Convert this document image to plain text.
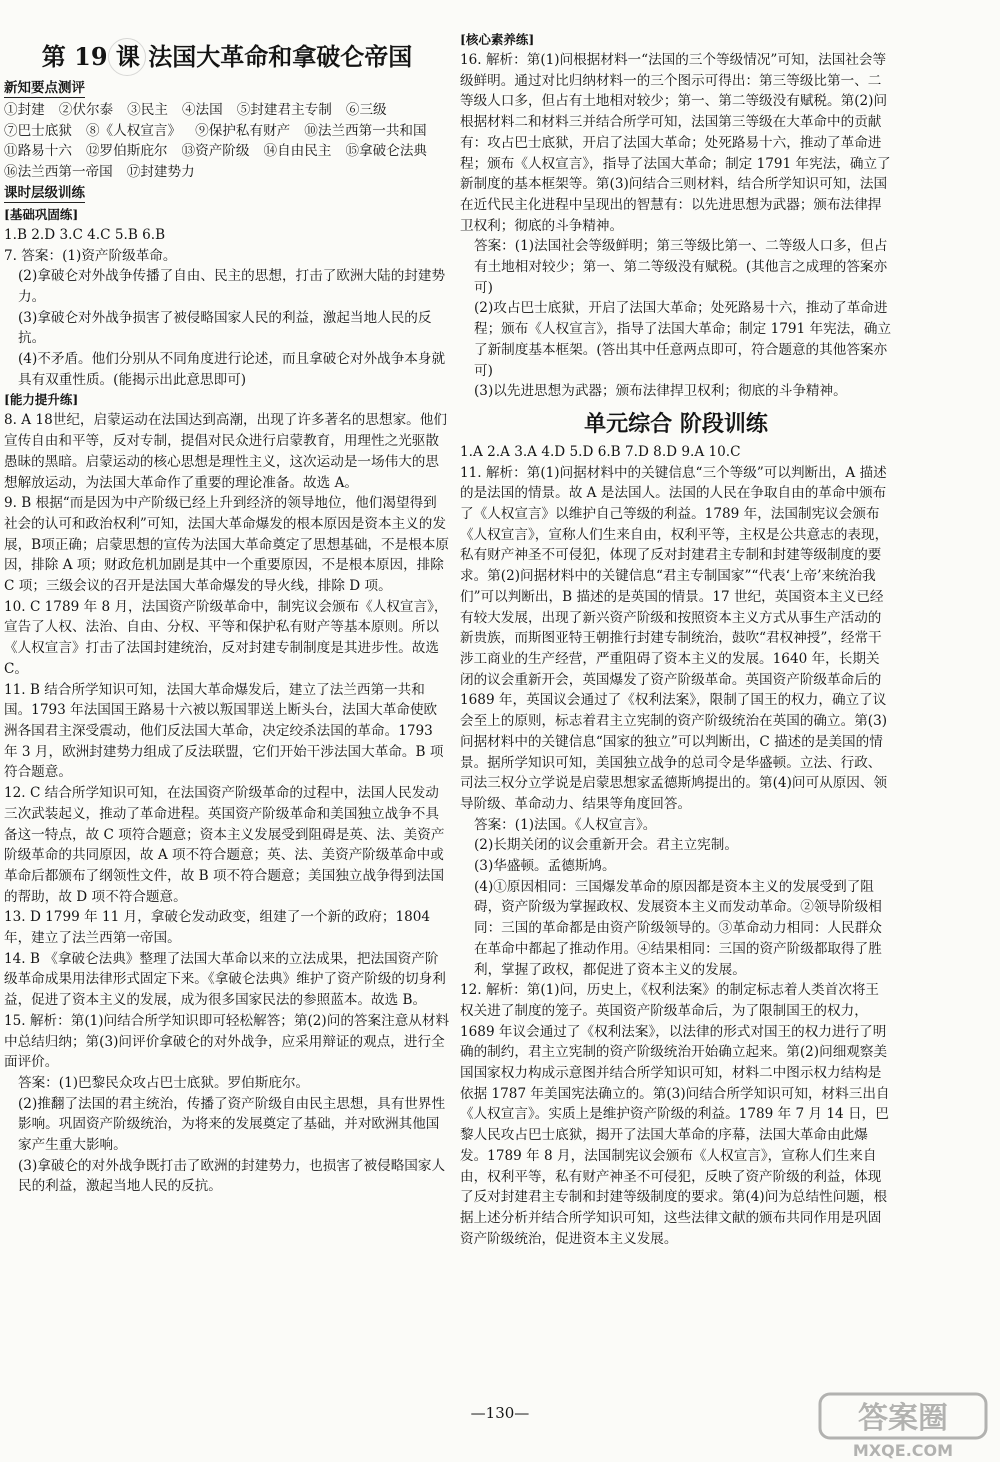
第 19 课 法国大革命和拿破仑帝国
新知要点测评
①封建 ②伏尔泰 ③民主 ④法国 ⑤封建君主专制 ⑥三级
⑦巴士底狱 ⑧《人权宣言》 ⑨保护私有财产 ⑩法兰西第一共和国
⑪路易十六 ⑫罗伯斯庇尔 ⑬资产阶级 ⑭自由民主 ⑮拿破仑法典
⑯法兰西第一帝国 ⑰封建势力
课时层级训练
[基础巩固练]

1.B 2.D 3.C 4.C 5.B 6.B

7. 答案：(1)资产阶级革命。

(2)拿破仑对外战争传播了自由、民主的思想，打击了欧洲大陆的封建势力。

(3)拿破仑对外战争损害了被侵略国家人民的利益，激起当地人民的反抗。

(4)不矛盾。他们分别从不同角度进行论述，而且拿破仑对外战争本身就具有双重性质。(能揭示出此意思即可)

[能力提升练]

8. A 18世纪，启蒙运动在法国达到高潮，出现了许多著名的思想家。他们宣传自由和平等，反对专制，提倡对民众进行启蒙教育，用理性之光驱散愚昧的黑暗。启蒙运动的核心思想是理性主义，这次运动是一场伟大的思想解放运动，为法国大革命作了重要的理论准备。故选 A。

9. B 根据“而是因为中产阶级已经上升到经济的领导地位，他们渴望得到社会的认可和政治权利”可知，法国大革命爆发的根本原因是资本主义的发展，B项正确；启蒙思想的宣传为法国大革命奠定了思想基础，不是根本原因，排除 A 项；财政危机加剧是其中一个重要原因，不是根本原因，排除 C 项；三级会议的召开是法国大革命爆发的导火线，排除 D 项。

10. C 1789 年 8 月，法国资产阶级革命中，制宪议会颁布《人权宣言》，宣告了人权、法治、自由、分权、平等和保护私有财产等基本原则。所以《人权宣言》打击了法国封建统治，反对封建专制制度是其进步性。故选 C。

11. B 结合所学知识可知，法国大革命爆发后，建立了法兰西第一共和国。1793 年法国国王路易十六被以叛国罪送上断头台，法国大革命使欧洲各国君主深受震动，他们反法国大革命，决定绞杀法国的革命。1793 年 3 月，欧洲封建势力组成了反法联盟，它们开始干涉法国大革命。B 项符合题意。

12. C 结合所学知识可知，在法国资产阶级革命的过程中，法国人民发动三次武装起义，推动了革命进程。英国资产阶级革命和美国独立战争不具备这一特点，故 C 项符合题意；资本主义发展受到阻碍是英、法、美资产阶级革命的共同原因，故 A 项不符合题意；英、法、美资产阶级革命中或革命后都颁布了纲领性文件，故 B 项不符合题意；美国独立战争得到法国的帮助，故 D 项不符合题意。

13. D 1799 年 11 月，拿破仑发动政变，组建了一个新的政府；1804 年，建立了法兰西第一帝国。

14. B 《拿破仑法典》整理了法国大革命以来的立法成果，把法国资产阶级革命成果用法律形式固定下来。《拿破仑法典》维护了资产阶级的切身利益，促进了资本主义的发展，成为很多国家民法的参照蓝本。故选 B。

15. 解析：第(1)问结合所学知识即可轻松解答；第(2)问的答案注意从材料中总结归纳；第(3)问评价拿破仑的对外战争，应采用辩证的观点，进行全面评价。

答案：(1)巴黎民众攻占巴士底狱。罗伯斯庇尔。

(2)推翻了法国的君主统治，传播了资产阶级自由民主思想，具有世界性影响。巩固资产阶级统治，为将来的发展奠定了基础，并对欧洲其他国家产生重大影响。

(3)拿破仑的对外战争既打击了欧洲的封建势力，也损害了被侵略国家人民的利益，激起当地人民的反抗。

[核心素养练]

16. 解析：第(1)问根据材料一“法国的三个等级情况”可知，法国社会等级鲜明。通过对比归纳材料一的三个图示可得出：第三等级比第一、二等级人口多，但占有土地相对较少；第一、第二等级没有赋税。第(2)问根据材料二和材料三并结合所学可知，法国第三等级在大革命中的贡献有：攻占巴士底狱，开启了法国大革命；处死路易十六，推动了革命进程；颁布《人权宣言》，指导了法国大革命；制定 1791 年宪法，确立了新制度的基本框架等。第(3)问结合三则材料，结合所学知识可知，法国在近代民主化进程中呈现出的智慧有：以先进思想为武器；颁布法律捍卫权利；彻底的斗争精神。

答案：(1)法国社会等级鲜明；第三等级比第一、二等级人口多，但占有土地相对较少；第一、第二等级没有赋税。(其他言之成理的答案亦可)

(2)攻占巴士底狱，开启了法国大革命；处死路易十六，推动了革命进程；颁布《人权宣言》，指导了法国大革命；制定 1791 年宪法，确立了新制度基本框架。(答出其中任意两点即可，符合题意的其他答案亦可)

(3)以先进思想为武器；颁布法律捍卫权利；彻底的斗争精神。

单元综合 阶段训练

1.A 2.A 3.A 4.D 5.D 6.B 7.D 8.D 9.A 10.C

11. 解析：第(1)问据材料中的关键信息“三个等级”可以判断出，A 描述的是法国的情景。故 A 是法国人。法国的人民在争取自由的革命中颁布了《人权宣言》以维护自己等级的利益。1789 年，法国制宪议会颁布《人权宣言》，宣称人们生来自由，权利平等，主权是公共意志的表现，私有财产神圣不可侵犯，体现了反对封建君主专制和封建等级制度的要求。第(2)问据材料中的关键信息“君主专制国家”“代表‘上帝’来统治我们”可以判断出，B 描述的是英国的情景。17 世纪，英国资本主义已经有较大发展，出现了新兴资产阶级和按照资本主义方式从事生产活动的新贵族，而斯图亚特王朝推行封建专制统治，鼓吹“君权神授”，经常干涉工商业的生产经营，严重阻碍了资本主义的发展。1640 年，长期关闭的议会重新开会，英国爆发了资产阶级革命。英国资产阶级革命后的 1689 年，英国议会通过了《权利法案》，限制了国王的权力，确立了议会至上的原则，标志着君主立宪制的资产阶级统治在英国的确立。第(3)问据材料中的关键信息“国家的独立”可以判断出，C 描述的是美国的情景。据所学知识可知，美国独立战争的总司令是华盛顿。立法、行政、司法三权分立学说是启蒙思想家孟德斯鸠提出的。第(4)问可从原因、领导阶级、革命动力、结果等角度回答。

答案：(1)法国。《人权宣言》。

(2)长期关闭的议会重新开会。君主立宪制。

(3)华盛顿。孟德斯鸠。

(4)①原因相同：三国爆发革命的原因都是资本主义的发展受到了阻碍，资产阶级为掌握政权、发展资本主义而发动革命。②领导阶级相同：三国的革命都是由资产阶级领导的。③革命动力相同：人民群众在革命中都起了推动作用。④结果相同：三国的资产阶级都取得了胜利，掌握了政权，都促进了资本主义的发展。

12. 解析：第(1)问，历史上，《权利法案》的制定标志着人类首次将王权关进了制度的笼子。英国资产阶级革命后，为了限制国王的权力，1689 年议会通过了《权利法案》，以法律的形式对国王的权力进行了明确的制约，君主立宪制的资产阶级统治开始确立起来。第(2)问细观察美国国家权力构成示意图并结合所学知识可知，材料二中图示权力结构是依据 1787 年美国宪法确立的。第(3)问结合所学知识可知，材料三出自《人权宣言》。实质上是维护资产阶级的利益。1789 年 7 月 14 日，巴黎人民攻占巴士底狱，揭开了法国大革命的序幕，法国大革命由此爆发。1789 年 8 月，法国制宪议会颁布《人权宣言》，宣称人们生来自由，权利平等，私有财产神圣不可侵犯，反映了资产阶级的利益，体现了反对封建君主专制和封建等级制度的要求。第(4)问为总结性问题，根据上述分析并结合所学知识可知，这些法律文献的颁布共同作用是巩固资产阶级统治，促进资本主义发展。

—130—	答案圈
MXQE.COM
